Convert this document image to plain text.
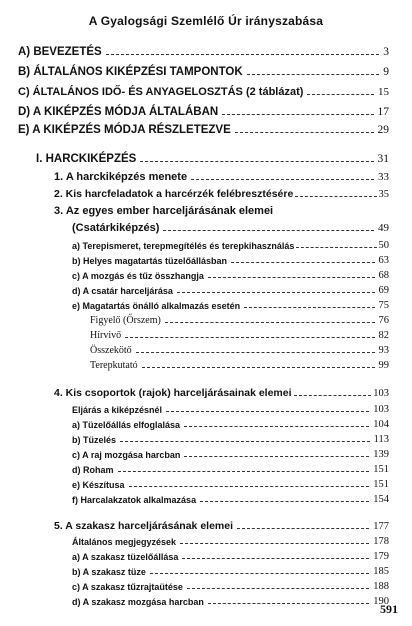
A Gyalogsági Szemlélő Úr irányszabása
A) BEVEZETÉS	3
B) ÁLTALÁNOS KIKÉPZÉSI TAMPONTOK	9
C) ÁLTALÁNOS IDŐ- ÉS ANYAGELOSZTÁS (2 táblázat)	15
D) A KIKÉPZÉS MÓDJA ÁLTALÁBAN	17
E) A KIKÉPZÉS MÓDJA RÉSZLETEZVE	29
I. HARCKIKÉPZÉS	31
1. A harckiképzés menete	33
2. Kis harcfeladatok a harcérzék felébresztésére	35
3. Az egyes ember harceljárásának elemei
(Csatárkiképzés)	49
a) Terepismeret, terepmegítélés és terepkihasználás	50
b) Helyes magatartás tüzelőállásban	63
c) A mozgás és tűz összhangja	68
d) A csatár harceljárása	69
e) Magatartás önálló alkalmazás esetén	75
Figyelő (Őrszem)	76
Hírvivő	82
Összekötő	93
Terepkutató	99
4. Kis csoportok (rajok) harceljárásainak elemei	103
Eljárás a kiképzésnél	103
a) Tüzelőállás elfoglalása	104
b) Tüzelés	113
c) A raj mozgása harcban	139
d) Roham	151
e) Készítusa	151
f) Harcalakzatok alkalmazása	154
5. A szakasz harceljárásának elemei	177
Általános megjegyzések	178
a) A szakasz tüzelőállása	179
b) A szakasz tüze	185
c) A szakasz tűzrajtaütése	188
d) A szakasz mozgása harcban	190
591
